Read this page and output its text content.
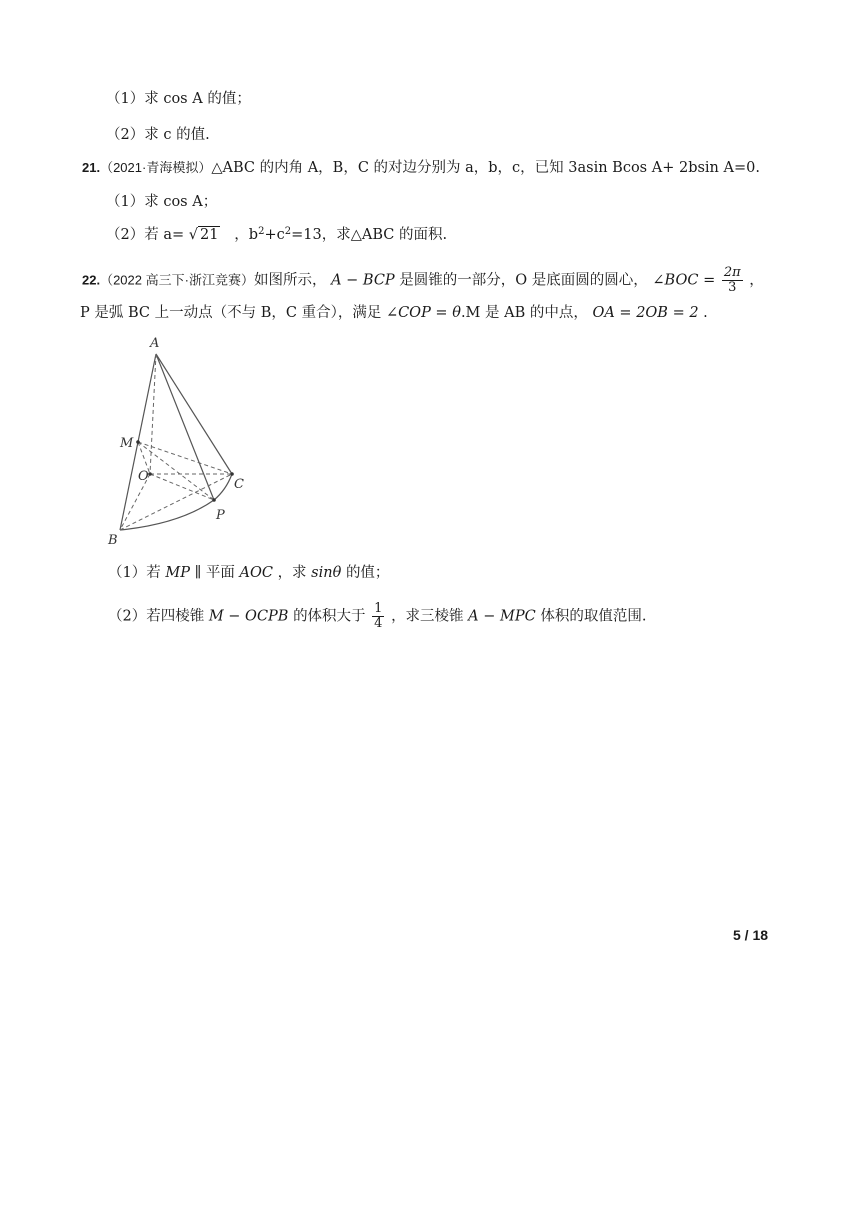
（1）求 cos A 的值；
（2）求 c 的值.
21.（2021·青海模拟）△ABC 的内角 A，B，C 的对边分别为 a，b，c，已知 3asin Bcos A+ 2bsin A=0.
（1）求 cos A；
（2）若 a= √ 21 ，$b^2+c^2=13$，求△ABC 的面积.
22.（2022 高三下·浙江竞赛）如图所示， A − BCP 是圆锥的一部分，O 是底面圆的圆心， ∠BOC = $\frac{2\pi}{3}$ ，
P 是弧 BC 上一动点（不与 B，C 重合），满足 ∠COP = θ.M 是 AB 的中点， OA = 2OB = 2 .
A
M
O
C
P
B
（1）若 MP ∥ 平面 AOC ，求 sinθ 的值；
（2）若四棱锥 M − OCPB 的体积大于 $\frac{1}{4}$ ，求三棱锥 A − MPC 体积的取值范围.
5 / 18
